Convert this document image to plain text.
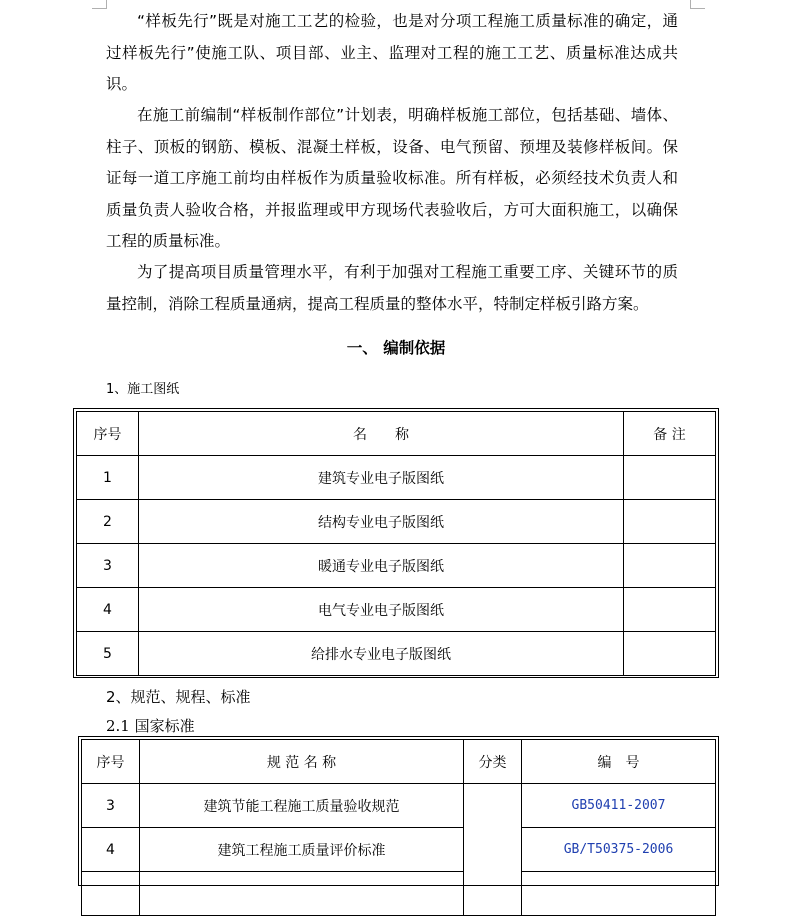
“样板先行”既是对施工工艺的检验，也是对分项工程施工质量标准的确定，通过样板先行”使施工队、项目部、业主、监理对工程的施工工艺、质量标准达成共识。

在施工前编制“样板制作部位”计划表，明确样板施工部位，包括基础、墙体、柱子、顶板的钢筋、模板、混凝土样板，设备、电气预留、预埋及装修样板间。保证每一道工序施工前均由样板作为质量验收标准。所有样板，必须经技术负责人和质量负责人验收合格，并报监理或甲方现场代表验收后，方可大面积施工，以确保工程的质量标准。

为了提高项目质量管理水平，有利于加强对工程施工重要工序、关键环节的质量控制，消除工程质量通病，提高工程质量的整体水平，特制定样板引路方案。

一、 编制依据
1、施工图纸
序号	名　　称	备 注
1	建筑专业电子版图纸	
2	结构专业电子版图纸	
3	暖通专业电子版图纸	
4	电气专业电子版图纸	
5	给排水专业电子版图纸	
2、规范、规程、标准
2.1 国家标准
序号	规 范 名 称	分类	编　号
3	建筑节能工程施工质量验收规范		GB50411-2007
4	建筑工程施工质量评价标准		GB/T50375-2006
